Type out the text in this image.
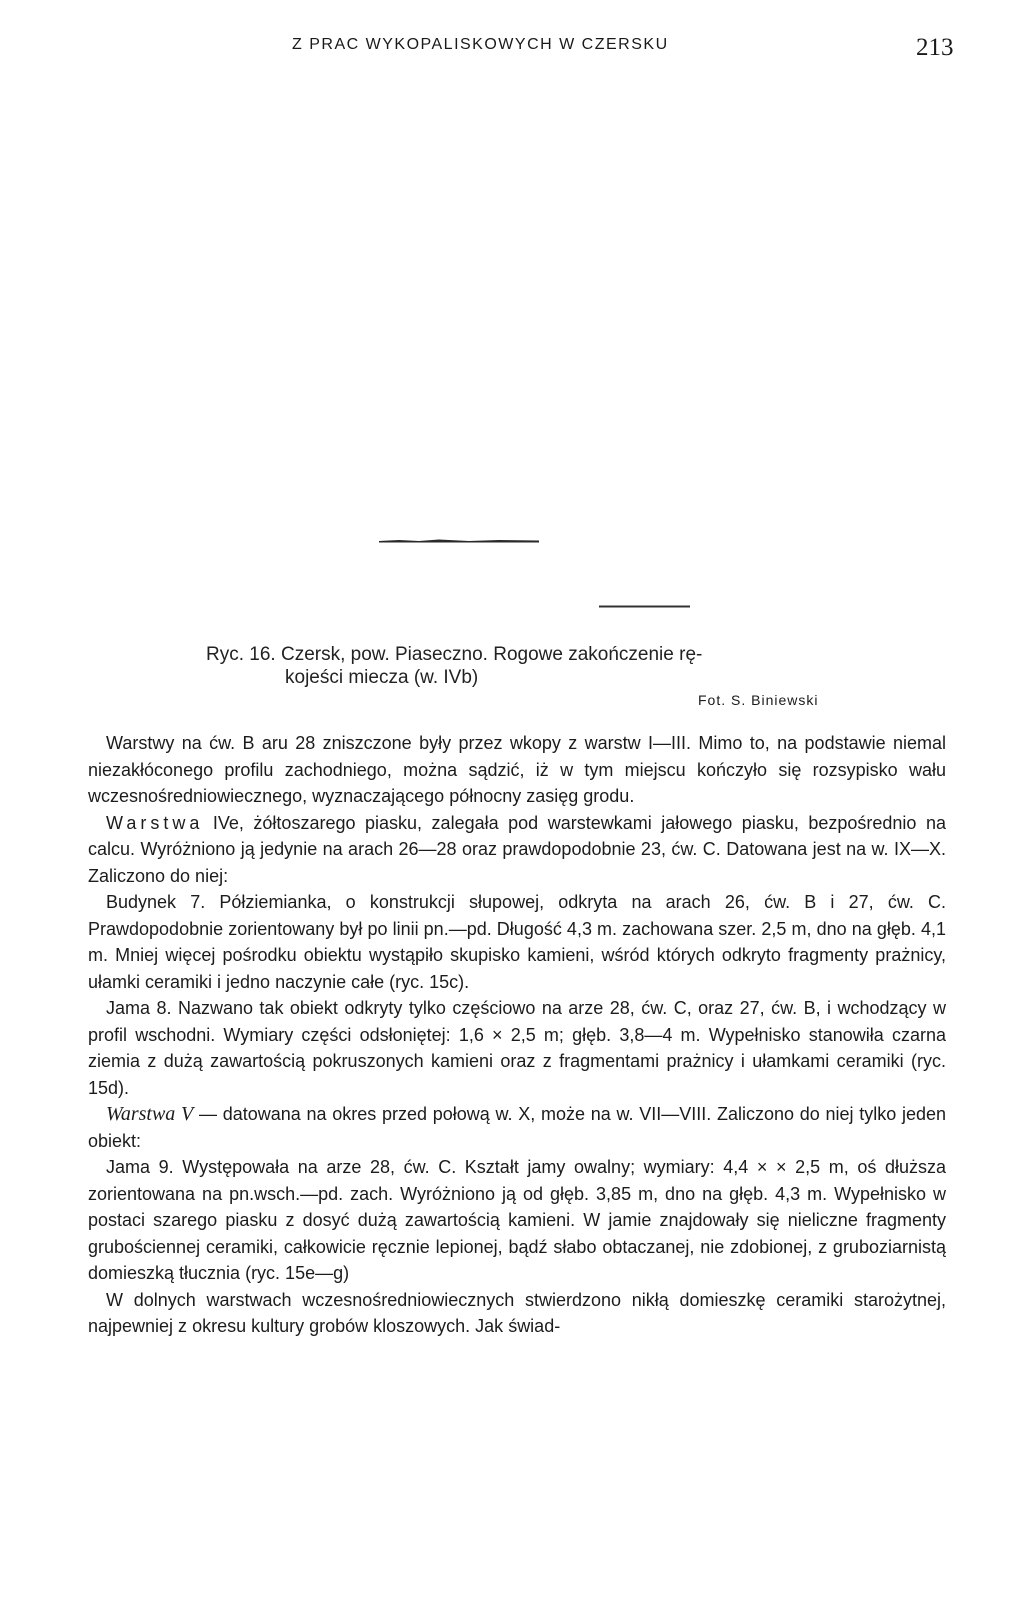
Z PRAC WYKOPALISKOWYCH W CZERSKU	213
Ryc. 16. Czersk, pow. Piaseczno. Rogowe zakończenie rę-
kojeści miecza (w. IVb)
Fot. S. Biniewski

Warstwy na ćw. B aru 28 zniszczone były przez wkopy z warstw I—III. Mimo to, na podstawie niemal niezakłóconego profilu zachodniego, można sądzić, iż w tym miejscu kończyło się rozsypisko wału wczesnośredniowiecznego, wyznaczającego północny zasięg grodu.

Warstwa IVe, żółtoszarego piasku, zalegała pod warstewkami jałowego piasku, bezpośrednio na calcu. Wyróżniono ją jedynie na arach 26—28 oraz prawdopodobnie 23, ćw. C. Datowana jest na w. IX—X. Zaliczono do niej:

Budynek 7. Półziemianka, o konstrukcji słupowej, odkryta na arach 26, ćw. B i 27, ćw. C. Prawdopodobnie zorientowany był po linii pn.—pd. Długość 4,3 m. zachowana szer. 2,5 m, dno na głęb. 4,1 m. Mniej więcej pośrodku obiektu wystąpiło skupisko kamieni, wśród których odkryto fragmenty prażnicy, ułamki ceramiki i jedno naczynie całe (ryc. 15c).

Jama 8. Nazwano tak obiekt odkryty tylko częściowo na arze 28, ćw. C, oraz 27, ćw. B, i wchodzący w profil wschodni. Wymiary części odsłoniętej: 1,6 × 2,5 m; głęb. 3,8—4 m. Wypełnisko stanowiła czarna ziemia z dużą zawartością pokruszonych kamieni oraz z fragmentami prażnicy i ułamkami ceramiki (ryc. 15d).

Warstwa V — datowana na okres przed połową w. X, może na w. VII—VIII. Zaliczono do niej tylko jeden obiekt:

Jama 9. Występowała na arze 28, ćw. C. Kształt jamy owalny; wymiary: 4,4 × × 2,5 m, oś dłuższa zorientowana na pn.wsch.—pd. zach. Wyróżniono ją od głęb. 3,85 m, dno na głęb. 4,3 m. Wypełnisko w postaci szarego piasku z dosyć dużą zawartością kamieni. W jamie znajdowały się nieliczne fragmenty grubościennej ceramiki, całkowicie ręcznie lepionej, bądź słabo obtaczanej, nie zdobionej, z gruboziarnistą domieszką tłucznia (ryc. 15e—g)

W dolnych warstwach wczesnośredniowiecznych stwierdzono nikłą domieszkę ceramiki starożytnej, najpewniej z okresu kultury grobów kloszowych. Jak świad-
